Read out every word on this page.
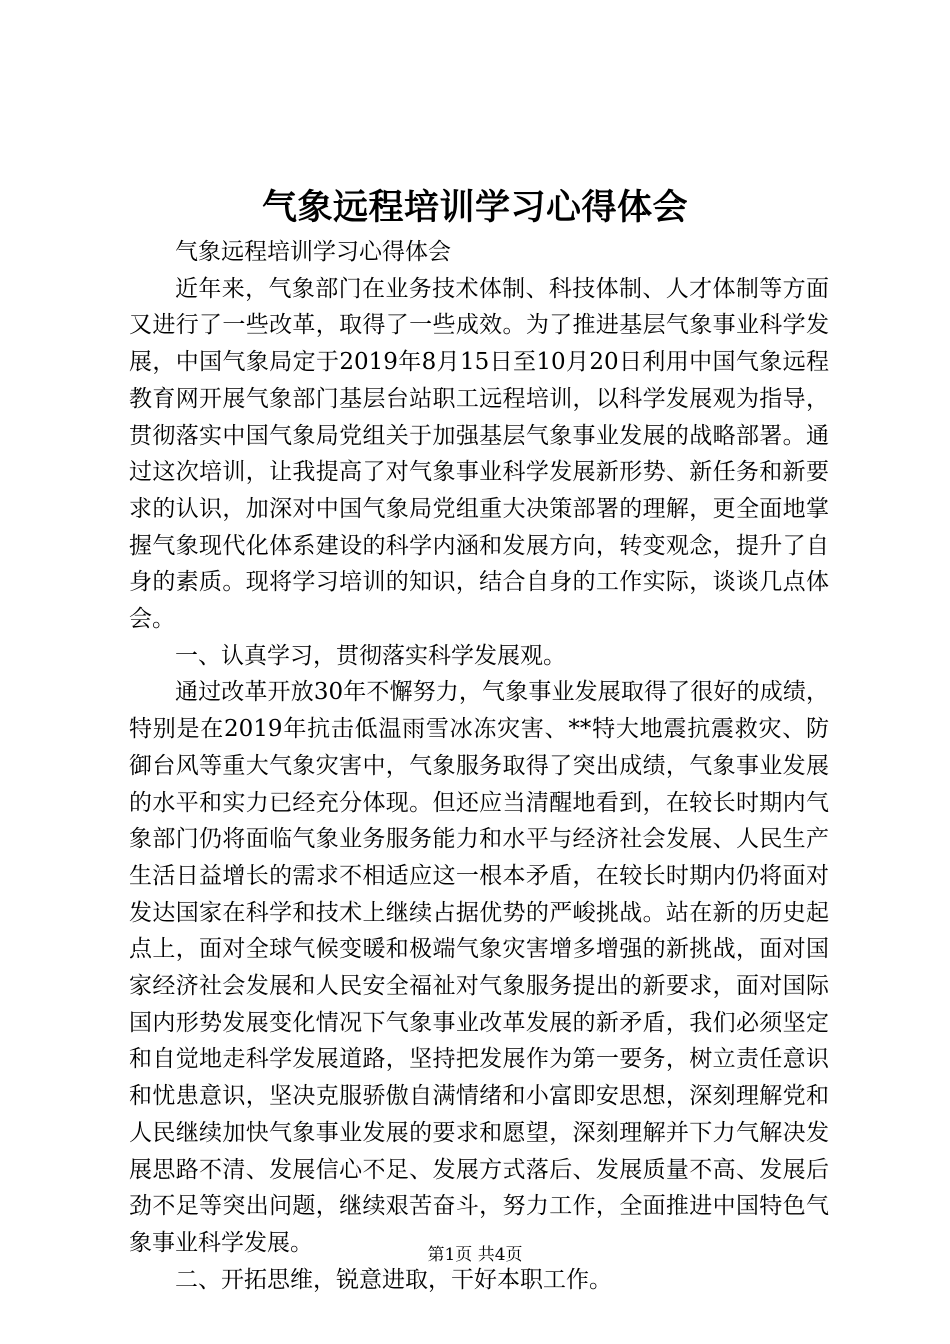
气象远程培训学习心得体会

气象远程培训学习心得体会

近年来，气象部门在业务技术体制、科技体制、人才体制等方面又进行了一些改革，取得了一些成效。为了推进基层气象事业科学发展，中国气象局定于2019年8月15日至10月20日利用中国气象远程教育网开展气象部门基层台站职工远程培训，以科学发展观为指导，贯彻落实中国气象局党组关于加强基层气象事业发展的战略部署。通过这次培训，让我提高了对气象事业科学发展新形势、新任务和新要求的认识，加深对中国气象局党组重大决策部署的理解，更全面地掌握气象现代化体系建设的科学内涵和发展方向，转变观念，提升了自身的素质。现将学习培训的知识，结合自身的工作实际，谈谈几点体会。

一、认真学习，贯彻落实科学发展观。

通过改革开放30年不懈努力，气象事业发展取得了很好的成绩，特别是在2019年抗击低温雨雪冰冻灾害、**特大地震抗震救灾、防御台风等重大气象灾害中，气象服务取得了突出成绩，气象事业发展的水平和实力已经充分体现。但还应当清醒地看到，在较长时期内气象部门仍将面临气象业务服务能力和水平与经济社会发展、人民生产生活日益增长的需求不相适应这一根本矛盾，在较长时期内仍将面对发达国家在科学和技术上继续占据优势的严峻挑战。站在新的历史起点上，面对全球气候变暖和极端气象灾害增多增强的新挑战，面对国家经济社会发展和人民安全福祉对气象服务提出的新要求，面对国际国内形势发展变化情况下气象事业改革发展的新矛盾，我们必须坚定和自觉地走科学发展道路，坚持把发展作为第一要务，树立责任意识和忧患意识，坚决克服骄傲自满情绪和小富即安思想，深刻理解党和人民继续加快气象事业发展的要求和愿望，深刻理解并下力气解决发展思路不清、发展信心不足、发展方式落后、发展质量不高、发展后劲不足等突出问题，继续艰苦奋斗，努力工作，全面推进中国特色气象事业科学发展。

二、开拓思维，锐意进取，干好本职工作。

第1页 共4页
